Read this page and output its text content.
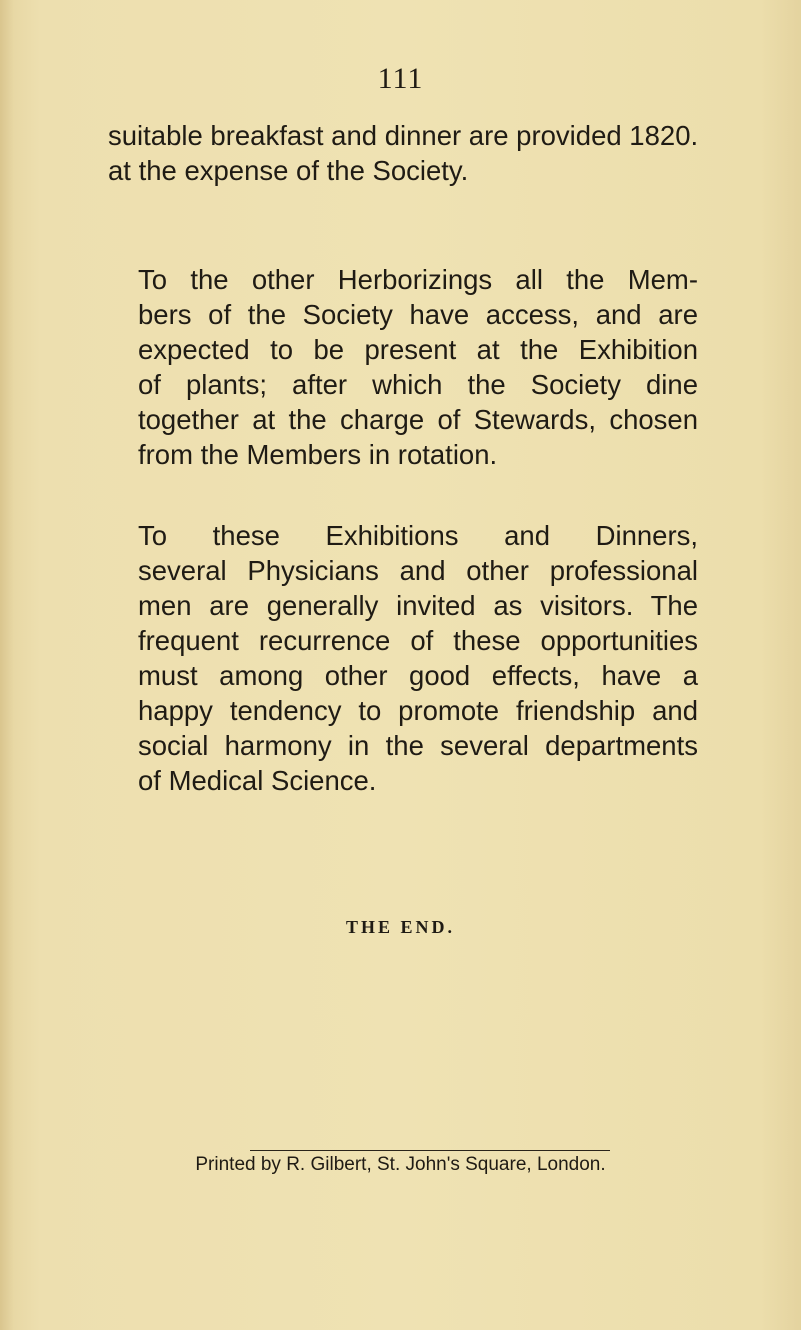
111

suitable breakfast and dinner are provided 1820.
at the expense of the Society.

To the other Herborizings all the Mem-
bers of the Society have access, and are
expected to be present at the Exhibition
of plants; after which the Society dine
together at the charge of Stewards, chosen
from the Members in rotation.

To these Exhibitions and Dinners,
several Physicians and other professional
men are generally invited as visitors. The
frequent recurrence of these opportunities
must among other good effects, have a
happy tendency to promote friendship and
social harmony in the several departments
of Medical Science.

THE END.

Printed by R. Gilbert, St. John's Square, London.
